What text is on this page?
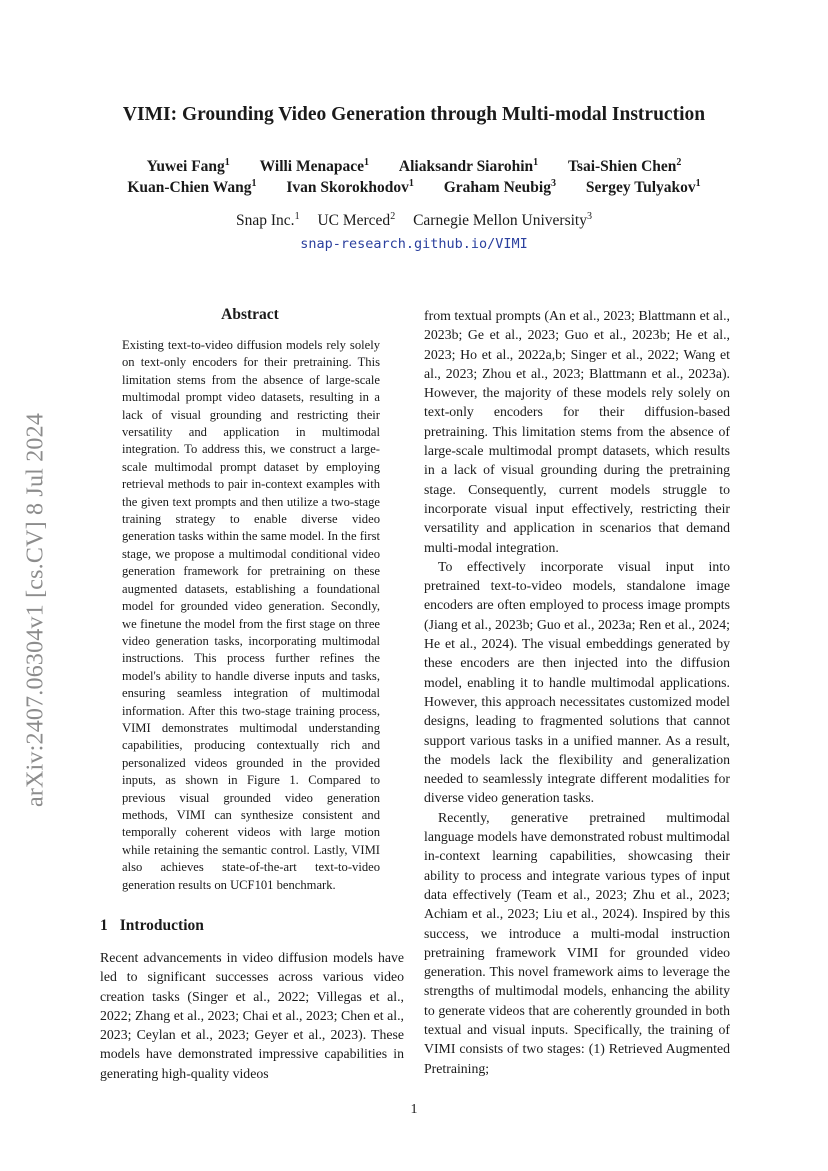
arXiv:2407.06304v1 [cs.CV] 8 Jul 2024
VIMI: Grounding Video Generation through Multi-modal Instruction
Yuwei Fang$^1$ Willi Menapace$^1$ Aliaksandr Siarohin$^1$ Tsai-Shien Chen$^2$
Kuan-Chien Wang$^1$ Ivan Skorokhodov$^1$ Graham Neubig$^3$ Sergey Tulyakov$^1$
Snap Inc.$^1$ UC Merced$^2$ Carnegie Mellon University$^3$
snap-research.github.io/VIMI
Abstract
Existing text-to-video diffusion models rely solely on text-only encoders for their pretraining. This limitation stems from the absence of large-scale multimodal prompt video datasets, resulting in a lack of visual grounding and restricting their versatility and application in multimodal integration. To address this, we construct a large-scale multimodal prompt dataset by employing retrieval methods to pair in-context examples with the given text prompts and then utilize a two-stage training strategy to enable diverse video generation tasks within the same model. In the first stage, we propose a multimodal conditional video generation framework for pretraining on these augmented datasets, establishing a foundational model for grounded video generation. Secondly, we finetune the model from the first stage on three video generation tasks, incorporating multimodal instructions. This process further refines the model's ability to handle diverse inputs and tasks, ensuring seamless integration of multimodal information. After this two-stage training process, VIMI demonstrates multimodal understanding capabilities, producing contextually rich and personalized videos grounded in the provided inputs, as shown in Figure 1. Compared to previous visual grounded video generation methods, VIMI can synthesize consistent and temporally coherent videos with large motion while retaining the semantic control. Lastly, VIMI also achieves state-of-the-art text-to-video generation results on UCF101 benchmark.
1 Introduction
Recent advancements in video diffusion models have led to significant successes across various video creation tasks (Singer et al., 2022; Villegas et al., 2022; Zhang et al., 2023; Chai et al., 2023; Chen et al., 2023; Ceylan et al., 2023; Geyer et al., 2023). These models have demonstrated impressive capabilities in generating high-quality videos

from textual prompts (An et al., 2023; Blattmann et al., 2023b; Ge et al., 2023; Guo et al., 2023b; He et al., 2023; Ho et al., 2022a,b; Singer et al., 2022; Wang et al., 2023; Zhou et al., 2023; Blattmann et al., 2023a). However, the majority of these models rely solely on text-only encoders for their diffusion-based pretraining. This limitation stems from the absence of large-scale multimodal prompt datasets, which results in a lack of visual grounding during the pretraining stage. Consequently, current models struggle to incorporate visual input effectively, restricting their versatility and application in scenarios that demand multi-modal integration.

To effectively incorporate visual input into pretrained text-to-video models, standalone image encoders are often employed to process image prompts (Jiang et al., 2023b; Guo et al., 2023a; Ren et al., 2024; He et al., 2024). The visual embeddings generated by these encoders are then injected into the diffusion model, enabling it to handle multimodal applications. However, this approach necessitates customized model designs, leading to fragmented solutions that cannot support various tasks in a unified manner. As a result, the models lack the flexibility and generalization needed to seamlessly integrate different modalities for diverse video generation tasks.

Recently, generative pretrained multimodal language models have demonstrated robust multimodal in-context learning capabilities, showcasing their ability to process and integrate various types of input data effectively (Team et al., 2023; Zhu et al., 2023; Achiam et al., 2023; Liu et al., 2024). Inspired by this success, we introduce a multi-modal instruction pretraining framework VIMI for grounded video generation. This novel framework aims to leverage the strengths of multimodal models, enhancing the ability to generate videos that are coherently grounded in both textual and visual inputs. Specifically, the training of VIMI consists of two stages: (1) Retrieved Augmented Pretraining;

1
